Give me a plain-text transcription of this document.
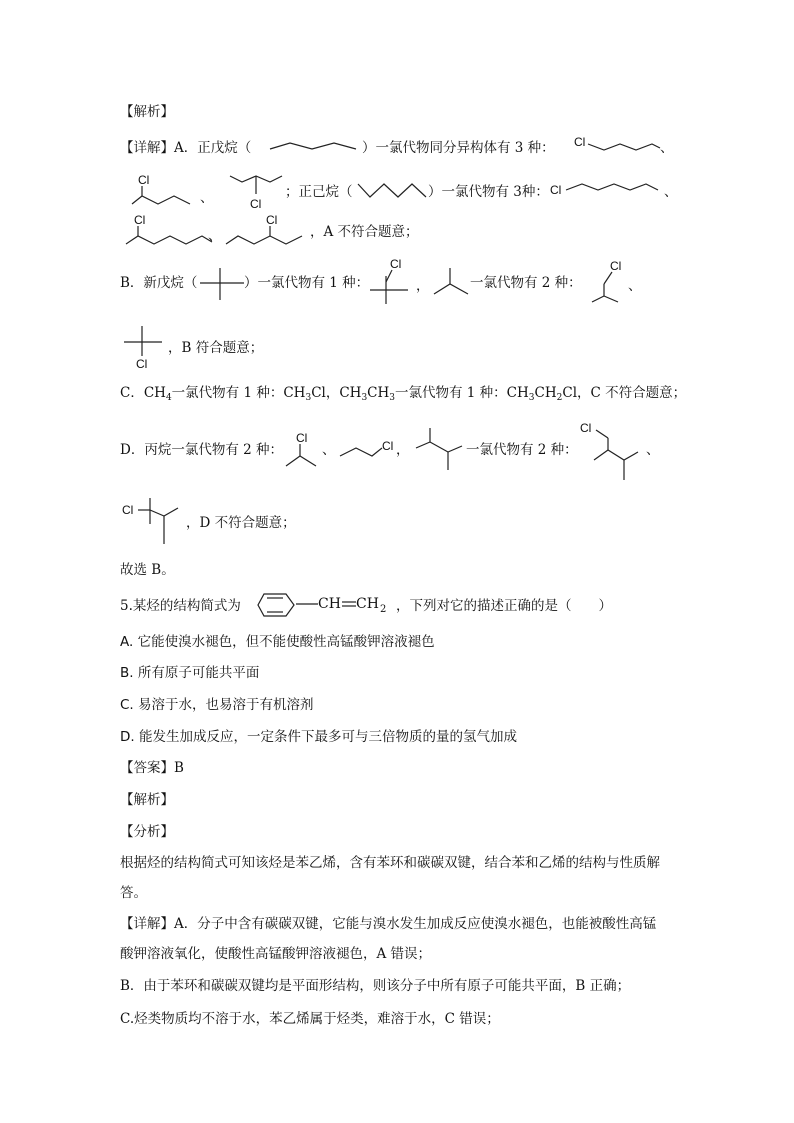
【解析】
【详解】A．正戊烷（	）一氯代物同分异构体有 3 种： Cl	、
Cl
、	Cl
；正己烷（	）一氯代物有 3种： Cl	、
Cl
、
Cl
，A 不符合题意；
B．新戊烷（	）一氯代物有 1 种：
Cl
，	一氯代物有 2 种：
Cl
、
Cl
，B 符合题意；
C．$CH_4$一氯代物有 1 种：$CH_3Cl$，$CH_3CH_3$一氯代物有 1 种：$CH_3CH_2Cl$，C 不符合题意；
D．丙烷一氯代物有 2 种：
Cl
、	Cl ，	一氯代物有 2 种：
Cl
、
Cl
，D 不符合题意；
故选 B。
5.某烃的结构简式为	CH CH 2 ，下列对它的描述正确的是（　　）
A. 它能使溴水褪色，但不能使酸性高锰酸钾溶液褪色
B. 所有原子可能共平面
C. 易溶于水，也易溶于有机溶剂
D. 能发生加成反应，一定条件下最多可与三倍物质的量的氢气加成
【答案】B
【解析】
【分析】
根据烃的结构简式可知该烃是苯乙烯，含有苯环和碳碳双键，结合苯和乙烯的结构与性质解
答。
【详解】A．分子中含有碳碳双键，它能与溴水发生加成反应使溴水褪色，也能被酸性高锰
酸钾溶液氧化，使酸性高锰酸钾溶液褪色，A 错误；
B．由于苯环和碳碳双键均是平面形结构，则该分子中所有原子可能共平面，B 正确；
C.烃类物质均不溶于水，苯乙烯属于烃类，难溶于水，C 错误；
